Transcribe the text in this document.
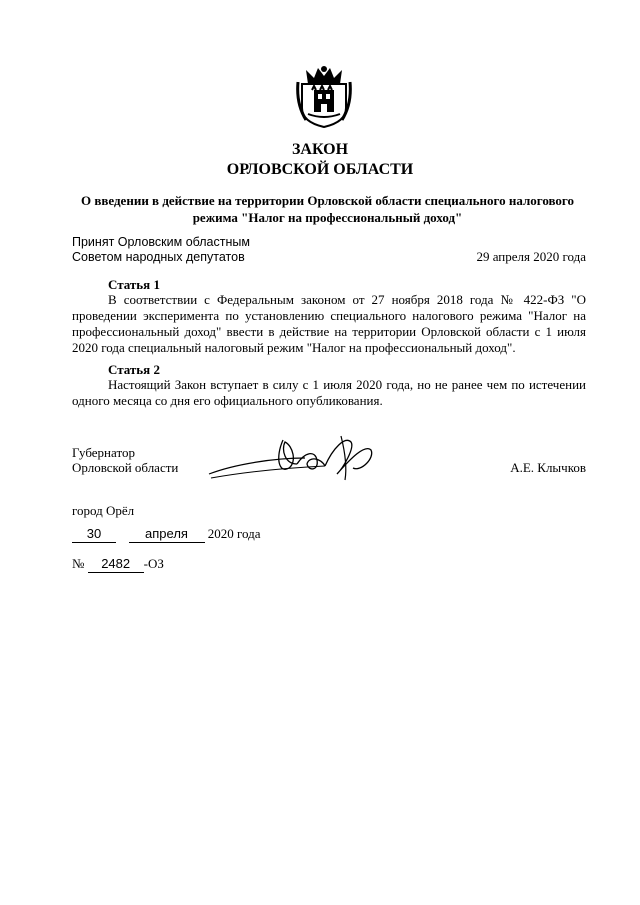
ЗАКОН
ОРЛОВСКОЙ ОБЛАСТИ
О введении в действие на территории Орловской области специального налогового
режима "Налог на профессиональный доход"
Принят Орловским областным
Советом народных депутатов	29 апреля 2020 года
Статья 1

В соответствии с Федеральным законом от 27 ноября 2018 года № 422-ФЗ "О проведении эксперимента по установлению специального налогового режима "Налог на профессиональный доход" ввести в действие на территории Орловской области с 1 июля 2020 года специальный налоговый режим "Налог на профессиональный доход".

Статья 2

Настоящий Закон вступает в силу с 1 июля 2020 года, но не ранее чем по истечении одного месяца со дня его официального опубликования.

Губернатор
Орловской области	А.Е. Клычков
город Орёл
30	апреля 2020 года
№ 2482 -ОЗ
